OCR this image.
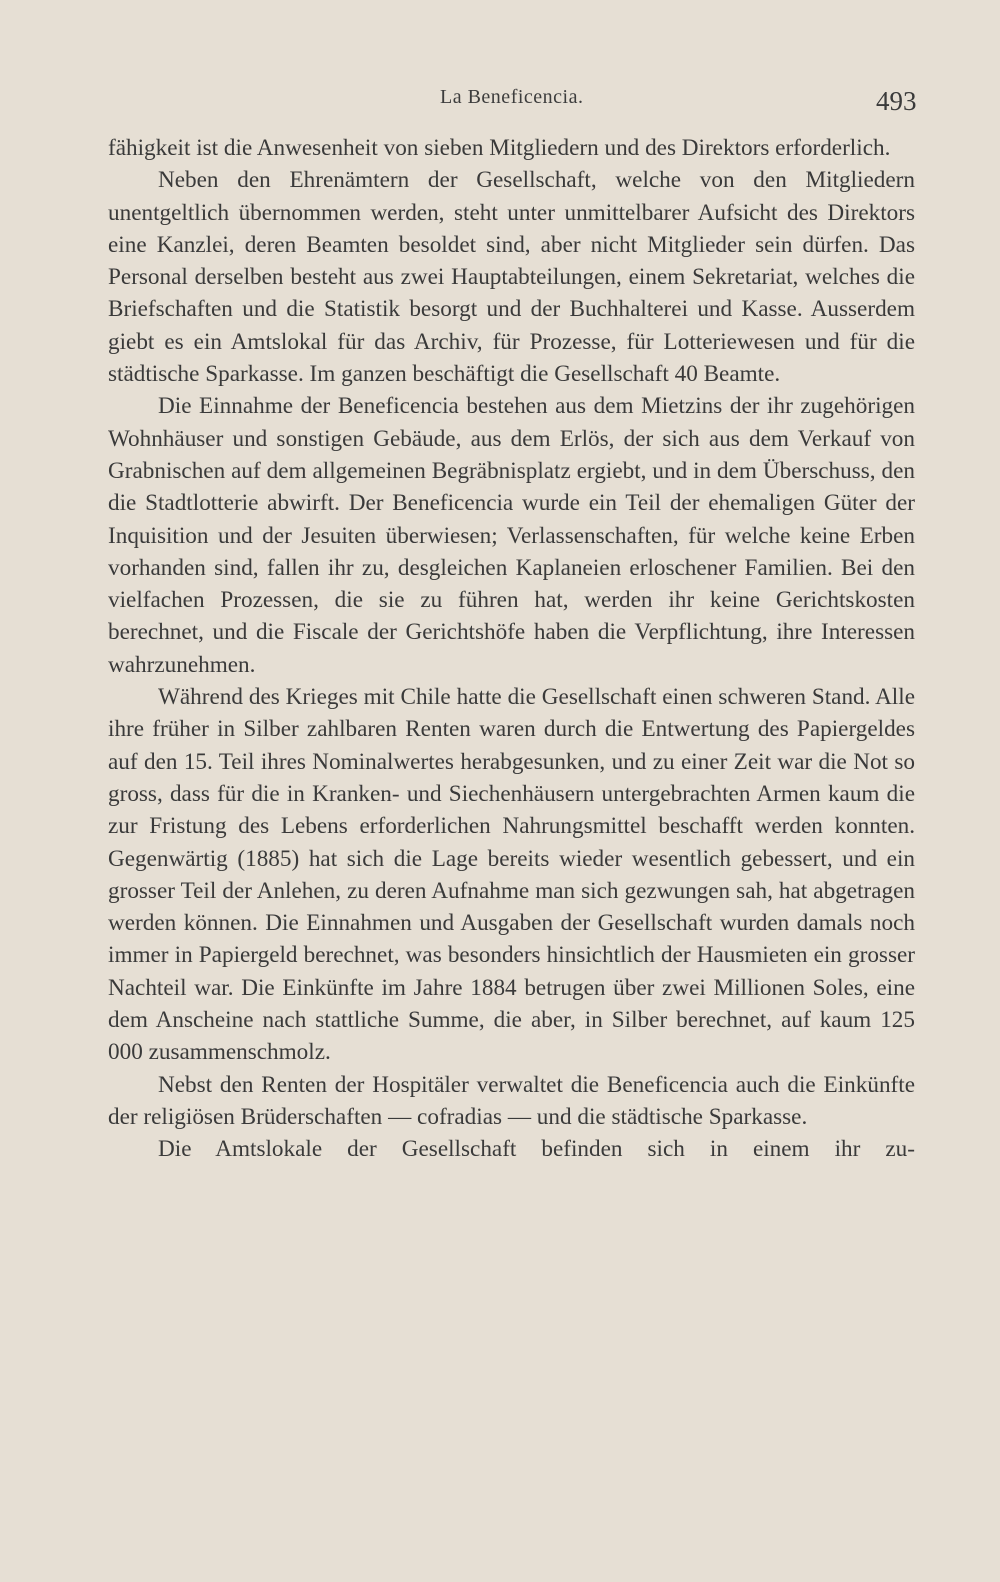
La Beneficencia.	493

fähigkeit ist die Anwesenheit von sieben Mitgliedern und des Direktors erforderlich.

Neben den Ehrenämtern der Gesellschaft, welche von den Mitgliedern unentgeltlich übernommen werden, steht unter unmittelbarer Aufsicht des Direktors eine Kanzlei, deren Beamten besoldet sind, aber nicht Mitglieder sein dürfen. Das Personal derselben besteht aus zwei Hauptabteilungen, einem Sekretariat, welches die Briefschaften und die Statistik besorgt und der Buchhalterei und Kasse. Ausserdem giebt es ein Amtslokal für das Archiv, für Prozesse, für Lotteriewesen und für die städtische Sparkasse. Im ganzen beschäftigt die Gesellschaft 40 Beamte.

Die Einnahme der Beneficencia bestehen aus dem Mietzins der ihr zugehörigen Wohnhäuser und sonstigen Gebäude, aus dem Erlös, der sich aus dem Verkauf von Grabnischen auf dem allgemeinen Begräbnisplatz ergiebt, und in dem Überschuss, den die Stadtlotterie abwirft. Der Beneficencia wurde ein Teil der ehemaligen Güter der Inquisition und der Jesuiten überwiesen; Verlassenschaften, für welche keine Erben vorhanden sind, fallen ihr zu, desgleichen Kaplaneien erloschener Familien. Bei den vielfachen Prozessen, die sie zu führen hat, werden ihr keine Gerichtskosten berechnet, und die Fiscale der Gerichtshöfe haben die Verpflichtung, ihre Interessen wahrzunehmen.

Während des Krieges mit Chile hatte die Gesellschaft einen schweren Stand. Alle ihre früher in Silber zahlbaren Renten waren durch die Entwertung des Papiergeldes auf den 15. Teil ihres Nominalwertes herabgesunken, und zu einer Zeit war die Not so gross, dass für die in Kranken- und Siechenhäusern untergebrachten Armen kaum die zur Fristung des Lebens erforderlichen Nahrungsmittel beschafft werden konnten. Gegenwärtig (1885) hat sich die Lage bereits wieder wesentlich gebessert, und ein grosser Teil der Anlehen, zu deren Aufnahme man sich gezwungen sah, hat abgetragen werden können. Die Einnahmen und Ausgaben der Gesellschaft wurden damals noch immer in Papiergeld berechnet, was besonders hinsichtlich der Hausmieten ein grosser Nachteil war. Die Einkünfte im Jahre 1884 betrugen über zwei Millionen Soles, eine dem Anscheine nach stattliche Summe, die aber, in Silber berechnet, auf kaum 125 000 zusammenschmolz.

Nebst den Renten der Hospitäler verwaltet die Beneficencia auch die Einkünfte der religiösen Brüderschaften — cofradias — und die städtische Sparkasse.

Die Amtslokale der Gesellschaft befinden sich in einem ihr zu-
